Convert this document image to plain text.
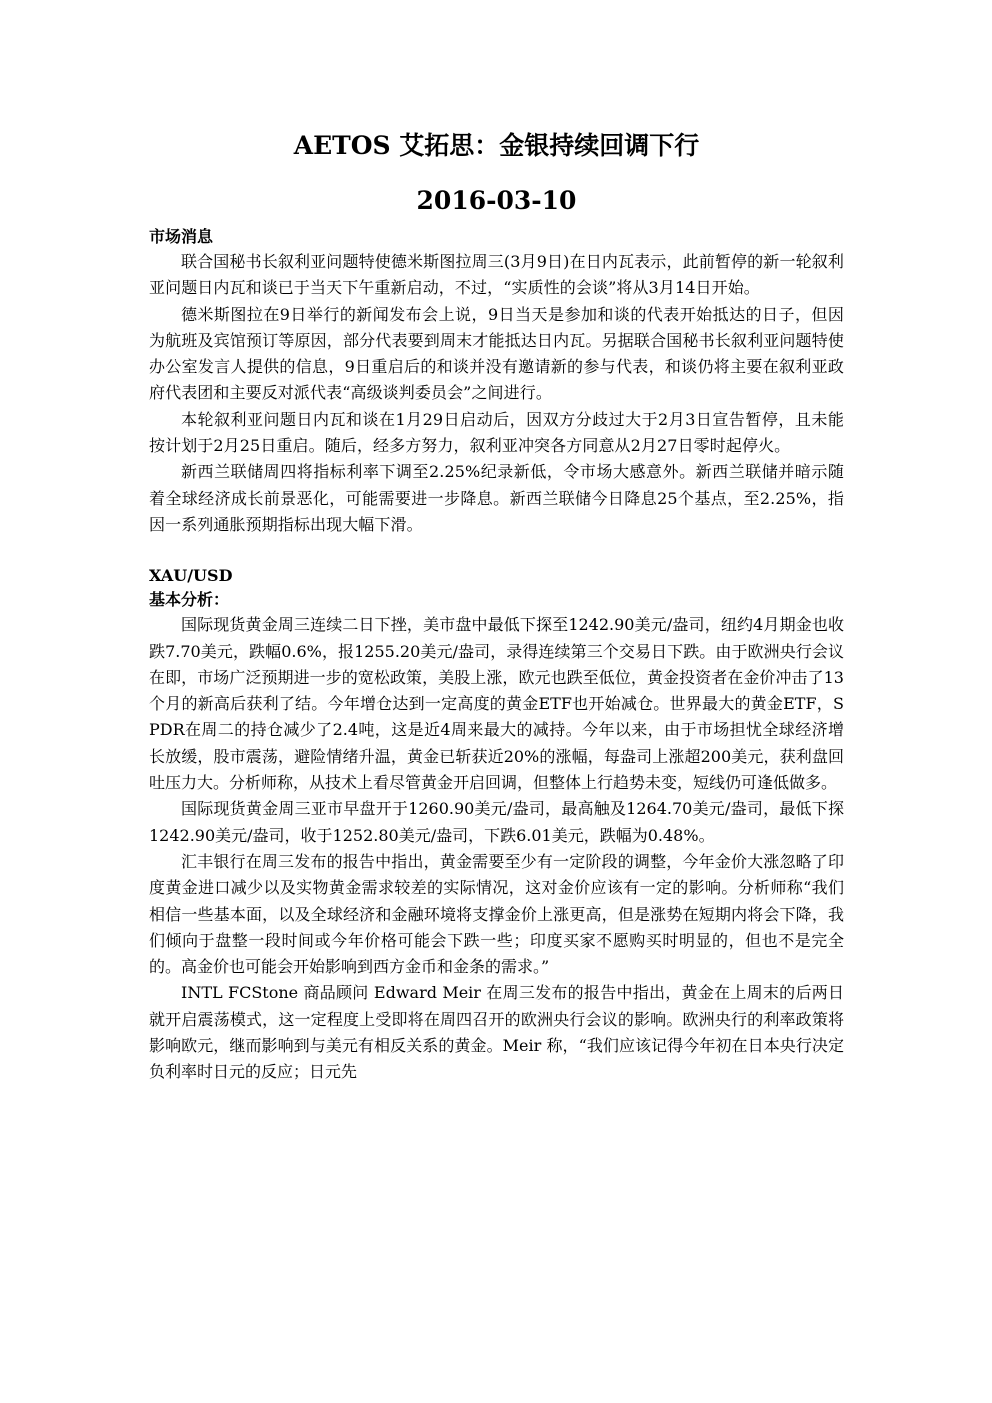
AETOS 艾拓思：金银持续回调下行
2016-03-10
市场消息

联合国秘书长叙利亚问题特使德米斯图拉周三(3月9日)在日内瓦表示，此前暂停的新一轮叙利亚问题日内瓦和谈已于当天下午重新启动，不过，“实质性的会谈”将从3月14日开始。

德米斯图拉在9日举行的新闻发布会上说，9日当天是参加和谈的代表开始抵达的日子，但因为航班及宾馆预订等原因，部分代表要到周末才能抵达日内瓦。另据联合国秘书长叙利亚问题特使办公室发言人提供的信息，9日重启后的和谈并没有邀请新的参与代表，和谈仍将主要在叙利亚政府代表团和主要反对派代表“高级谈判委员会”之间进行。

本轮叙利亚问题日内瓦和谈在1月29日启动后，因双方分歧过大于2月3日宣告暂停，且未能按计划于2月25日重启。随后，经多方努力，叙利亚冲突各方同意从2月27日零时起停火。

新西兰联储周四将指标利率下调至2.25%纪录新低，令市场大感意外。新西兰联储并暗示随着全球经济成长前景恶化，可能需要进一步降息。新西兰联储今日降息25个基点，至2.25%，指因一系列通胀预期指标出现大幅下滑。

XAU/USD
基本分析：

国际现货黄金周三连续二日下挫，美市盘中最低下探至1242.90美元/盎司，纽约4月期金也收跌7.70美元，跌幅0.6%，报1255.20美元/盎司，录得连续第三个交易日下跌。由于欧洲央行会议在即，市场广泛预期进一步的宽松政策，美股上涨，欧元也跌至低位，黄金投资者在金价冲击了13个月的新高后获利了结。今年增仓达到一定高度的黄金ETF也开始减仓。世界最大的黄金ETF，SPDR在周二的持仓减少了2.4吨，这是近4周来最大的减持。今年以来，由于市场担忧全球经济增长放缓，股市震荡，避险情绪升温，黄金已斩获近20%的涨幅，每盎司上涨超200美元，获利盘回吐压力大。分析师称，从技术上看尽管黄金开启回调，但整体上行趋势未变，短线仍可逢低做多。

国际现货黄金周三亚市早盘开于1260.90美元/盎司，最高触及1264.70美元/盎司，最低下探1242.90美元/盎司，收于1252.80美元/盎司，下跌6.01美元，跌幅为0.48%。

汇丰银行在周三发布的报告中指出，黄金需要至少有一定阶段的调整，今年金价大涨忽略了印度黄金进口减少以及实物黄金需求较差的实际情况，这对金价应该有一定的影响。分析师称“我们相信一些基本面，以及全球经济和金融环境将支撑金价上涨更高，但是涨势在短期内将会下降，我们倾向于盘整一段时间或今年价格可能会下跌一些；印度买家不愿购买时明显的，但也不是完全的。高金价也可能会开始影响到西方金币和金条的需求。”

INTL FCStone 商品顾问 Edward Meir 在周三发布的报告中指出，黄金在上周末的后两日就开启震荡模式，这一定程度上受即将在周四召开的欧洲央行会议的影响。欧洲央行的利率政策将影响欧元，继而影响到与美元有相反关系的黄金。Meir 称，“我们应该记得今年初在日本央行决定负利率时日元的反应；日元先
